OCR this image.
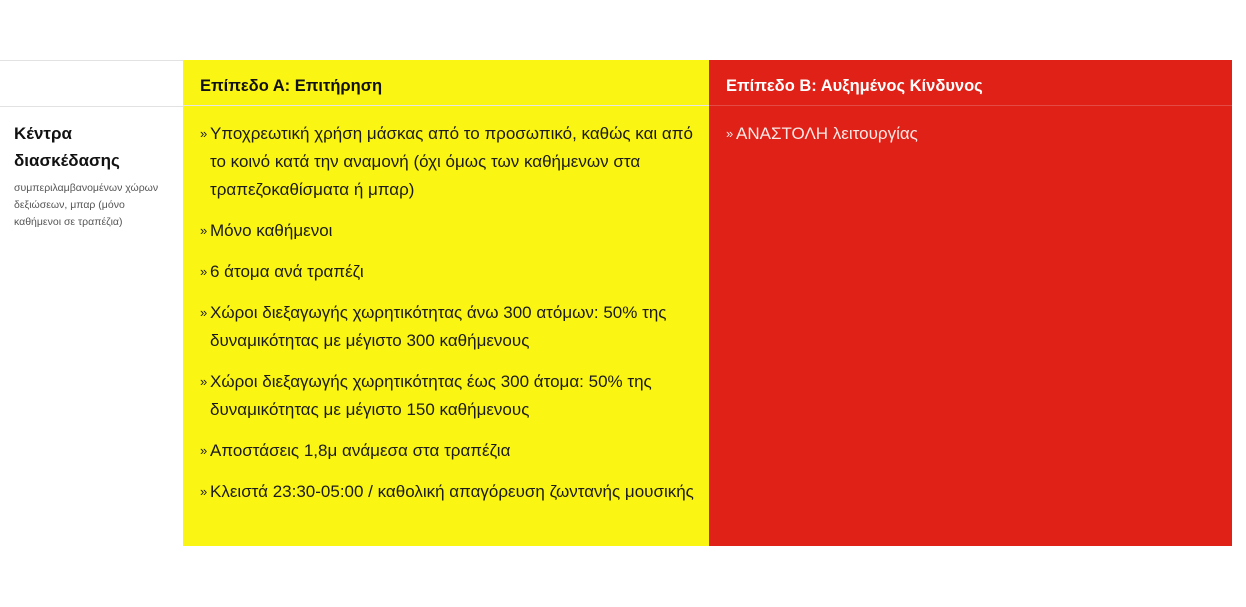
Κέντρα
διασκέδασης
συμπεριλαμβανομένων χώρων δεξιώσεων, μπαρ (μόνο καθήμενοι σε τραπέζια)
Επίπεδο Α: Επιτήρηση
» Υποχρεωτική χρήση μάσκας από το προσωπικό, καθώς και από το κοινό κατά την αναμονή (όχι όμως των καθήμενων στα τραπεζοκαθίσματα ή μπαρ)
» Μόνο καθήμενοι
» 6 άτομα ανά τραπέζι
» Χώροι διεξαγωγής χωρητικότητας άνω 300 ατόμων: 50% της δυναμικότητας με μέγιστο 300 καθήμενους
» Χώροι διεξαγωγής χωρητικότητας έως 300 άτομα: 50% της δυναμικότητας με μέγιστο 150 καθήμενους
» Αποστάσεις 1,8μ ανάμεσα στα τραπέζια
» Κλειστά 23:30-05:00 / καθολική απαγόρευση ζωντανής μουσικής
Επίπεδο Β: Αυξημένος Κίνδυνος
» ΑΝΑΣΤΟΛΗ λειτουργίας
